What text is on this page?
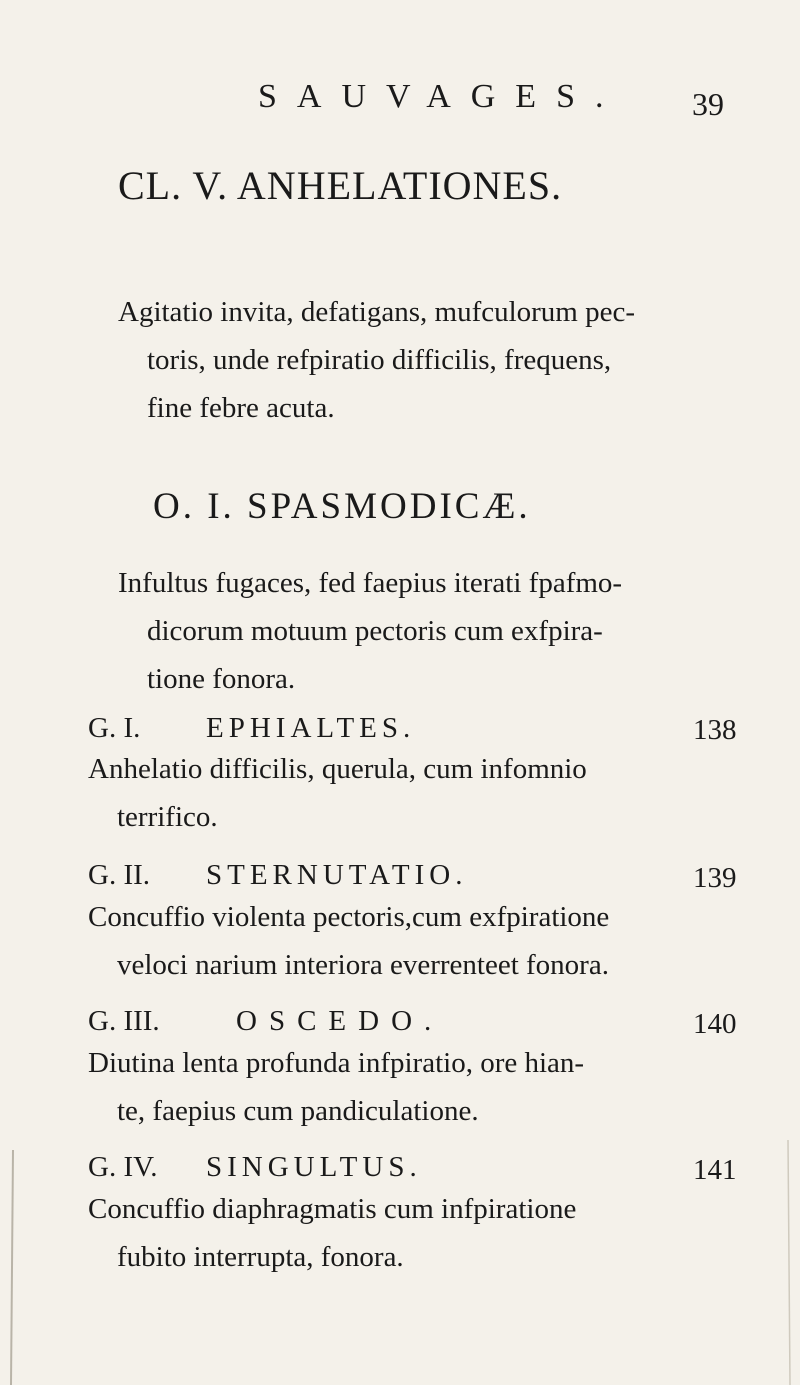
SAUVAGES. 39
CL. V. ANHELATIONES.
Agitatio invita, defatigans, mufculorum pec-
toris, unde refpiratio difficilis, frequens,
fine febre acuta.
O. I. SPASMODICÆ.
Infultus fugaces, fed faepius iterati fpafmo-
dicorum motuum pectoris cum exfpira-
tione fonora.
G. I. EPHIALTES.	138
Anhelatio difficilis, querula, cum infomnio
terrifico.
G. II. STERNUTATIO.	139
Concuffio violenta pectoris,cum exfpiratione
veloci narium interiora everrenteet fonora.
G. III.	OSCEDO.	140
Diutina lenta profunda infpiratio, ore hian-
te, faepius cum pandiculatione.
G. IV. SINGULTUS.	141
Concuffio diaphragmatis cum infpiratione
fubito interrupta, fonora.
